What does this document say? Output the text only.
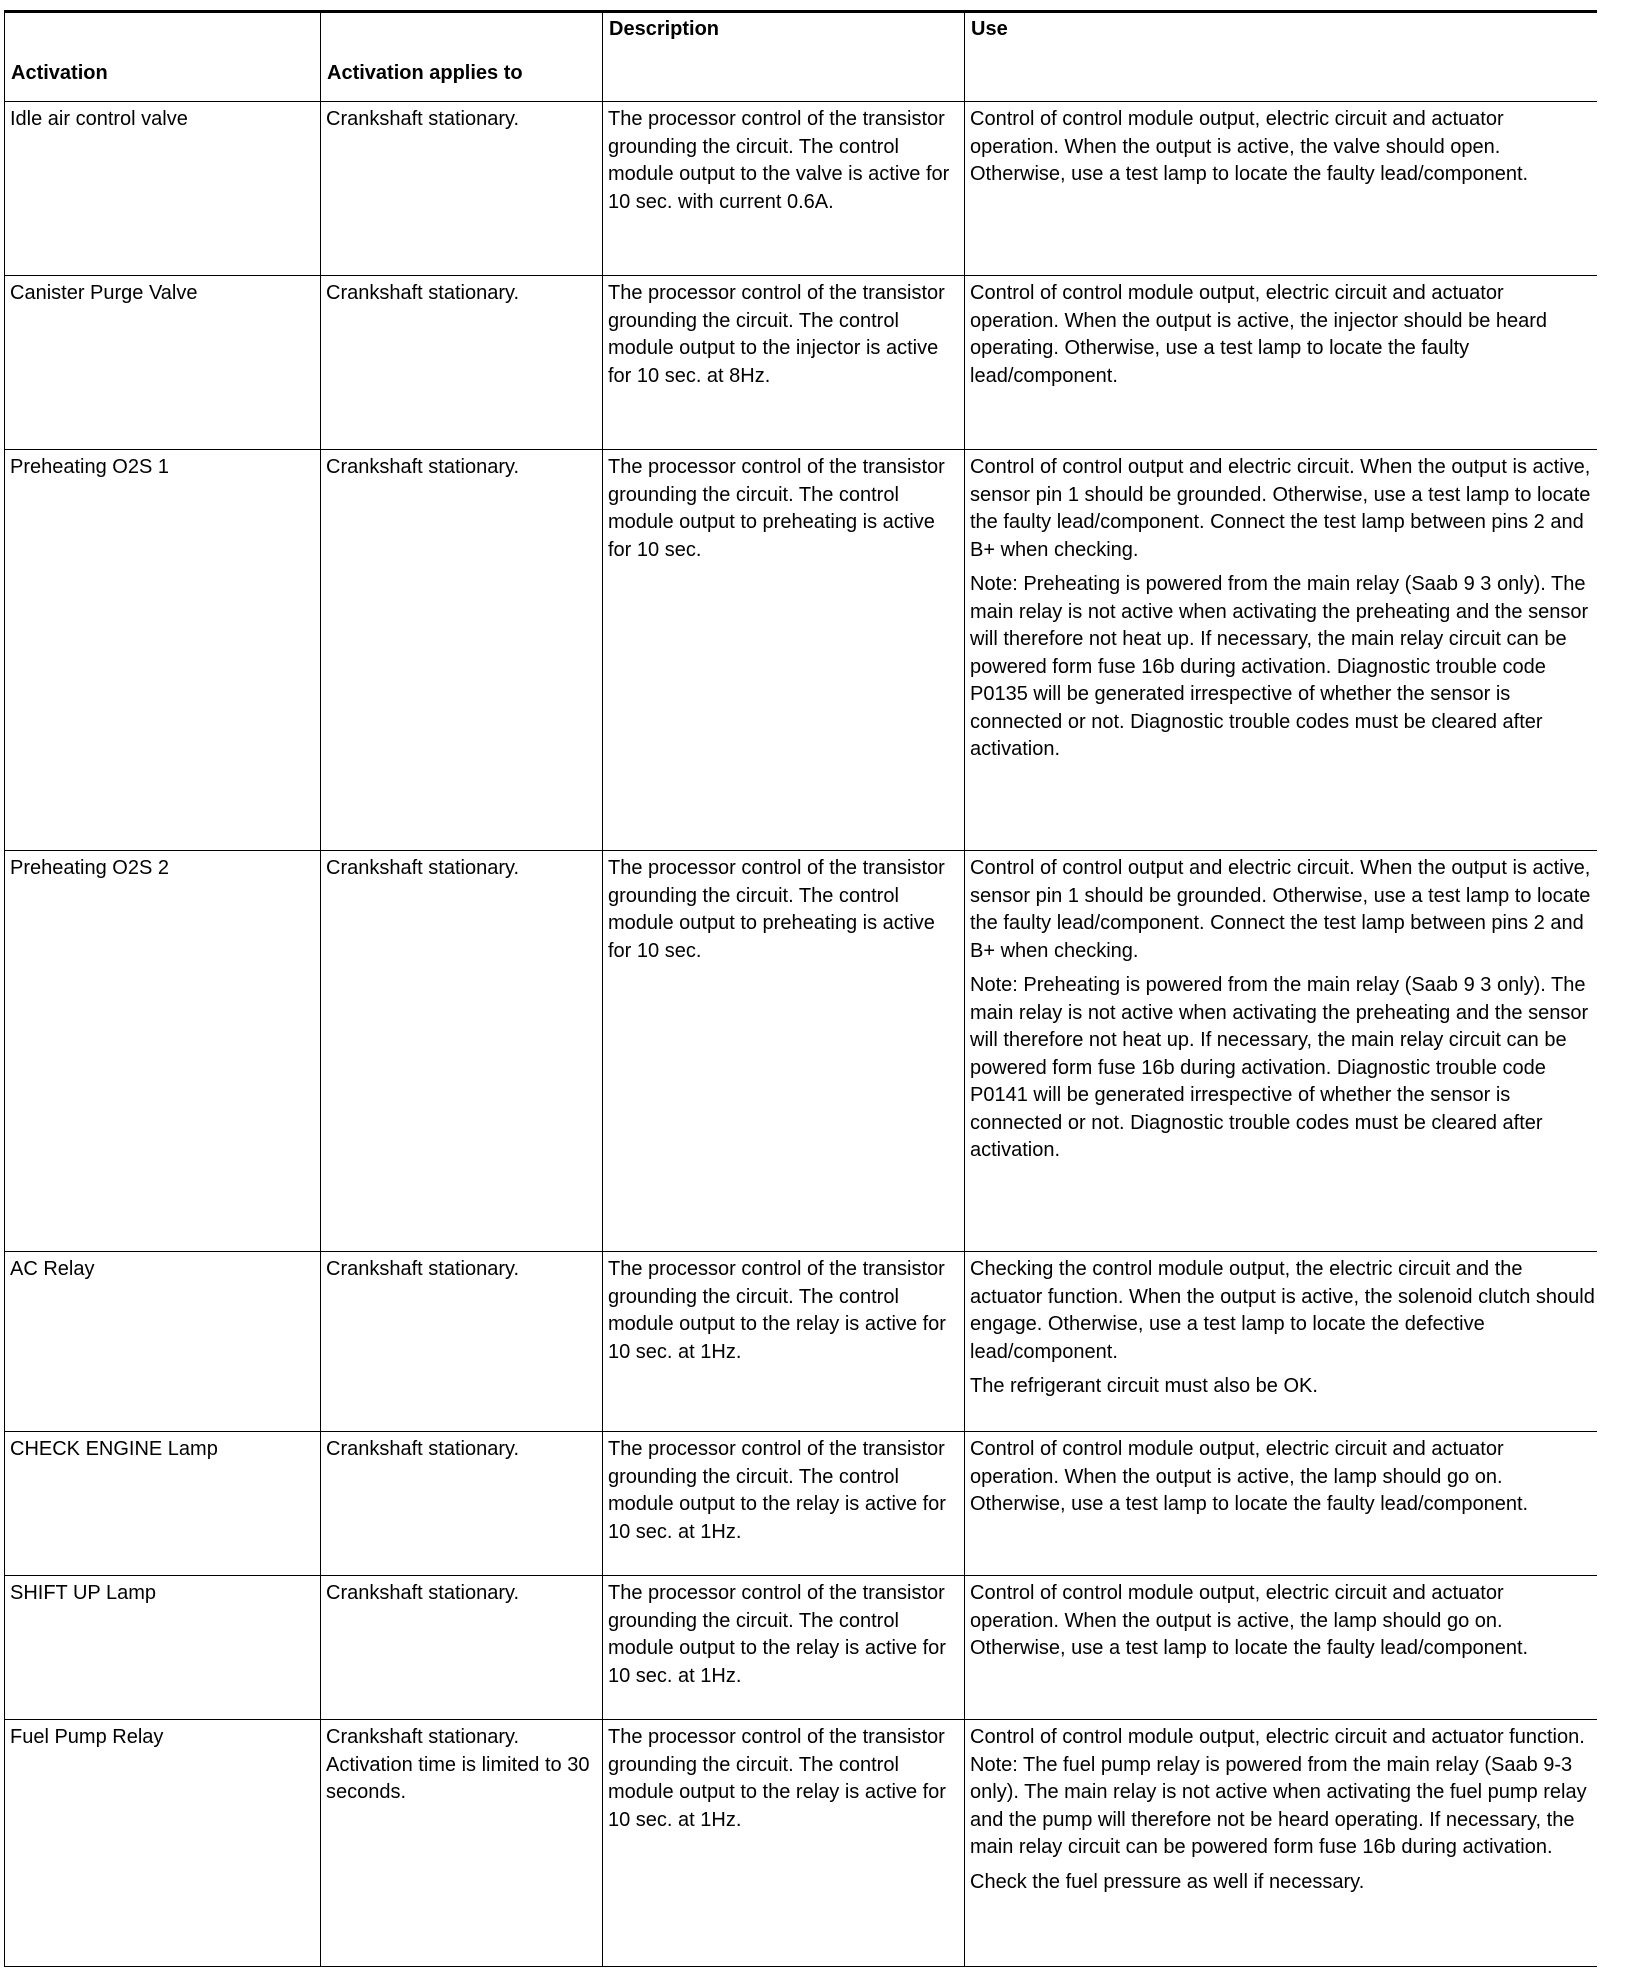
Activation	Activation applies to	Description	Use
Idle air control valve	Crankshaft stationary.	The processor control of the transistor grounding the circuit. The control module output to the valve is active for 10 sec. with current 0.6A.	Control of control module output, electric circuit and actuator operation. When the output is active, the valve should open. Otherwise, use a test lamp to locate the faulty lead/component.

Canister Purge Valve	Crankshaft stationary.	The processor control of the transistor grounding the circuit. The control module output to the injector is active for 10 sec. at 8Hz.	Control of control module output, electric circuit and actuator operation. When the output is active, the injector should be heard operating. Otherwise, use a test lamp to locate the faulty lead/component.

Preheating O2S 1	Crankshaft stationary.	The processor control of the transistor grounding the circuit. The control module output to preheating is active for 10 sec.	Control of control output and electric circuit. When the output is active, sensor pin 1 should be grounded. Otherwise, use a test lamp to locate the faulty lead/component. Connect the test lamp between pins 2 and B+ when checking.

Note: Preheating is powered from the main relay (Saab 9 3 only). The main relay is not active when activating the preheating and the sensor will therefore not heat up. If necessary, the main relay circuit can be powered form fuse 16b during activation. Diagnostic trouble code P0135 will be generated irrespective of whether the sensor is connected or not. Diagnostic trouble codes must be cleared after activation.

Preheating O2S 2	Crankshaft stationary.	The processor control of the transistor grounding the circuit. The control module output to preheating is active for 10 sec.	Control of control output and electric circuit. When the output is active, sensor pin 1 should be grounded. Otherwise, use a test lamp to locate the faulty lead/component. Connect the test lamp between pins 2 and B+ when checking.

Note: Preheating is powered from the main relay (Saab 9 3 only). The main relay is not active when activating the preheating and the sensor will therefore not heat up. If necessary, the main relay circuit can be powered form fuse 16b during activation. Diagnostic trouble code P0141 will be generated irrespective of whether the sensor is connected or not. Diagnostic trouble codes must be cleared after activation.

AC Relay	Crankshaft stationary.	The processor control of the transistor grounding the circuit. The control module output to the relay is active for 10 sec. at 1Hz.	Checking the control module output, the electric circuit and the actuator function. When the output is active, the solenoid clutch should engage. Otherwise, use a test lamp to locate the defective lead/component.

The refrigerant circuit must also be OK.

CHECK ENGINE Lamp	Crankshaft stationary.	The processor control of the transistor grounding the circuit. The control module output to the relay is active for 10 sec. at 1Hz.	Control of control module output, electric circuit and actuator operation. When the output is active, the lamp should go on. Otherwise, use a test lamp to locate the faulty lead/component.

SHIFT UP Lamp	Crankshaft stationary.	The processor control of the transistor grounding the circuit. The control module output to the relay is active for 10 sec. at 1Hz.	Control of control module output, electric circuit and actuator operation. When the output is active, the lamp should go on. Otherwise, use a test lamp to locate the faulty lead/component.

Fuel Pump Relay	Crankshaft stationary. Activation time is limited to 30 seconds.	The processor control of the transistor grounding the circuit. The control module output to the relay is active for 10 sec. at 1Hz.	Control of control module output, electric circuit and actuator function. Note: The fuel pump relay is powered from the main relay (Saab 9-3 only). The main relay is not active when activating the fuel pump relay and the pump will therefore not be heard operating. If necessary, the main relay circuit can be powered form fuse 16b during activation.

Check the fuel pressure as well if necessary.
